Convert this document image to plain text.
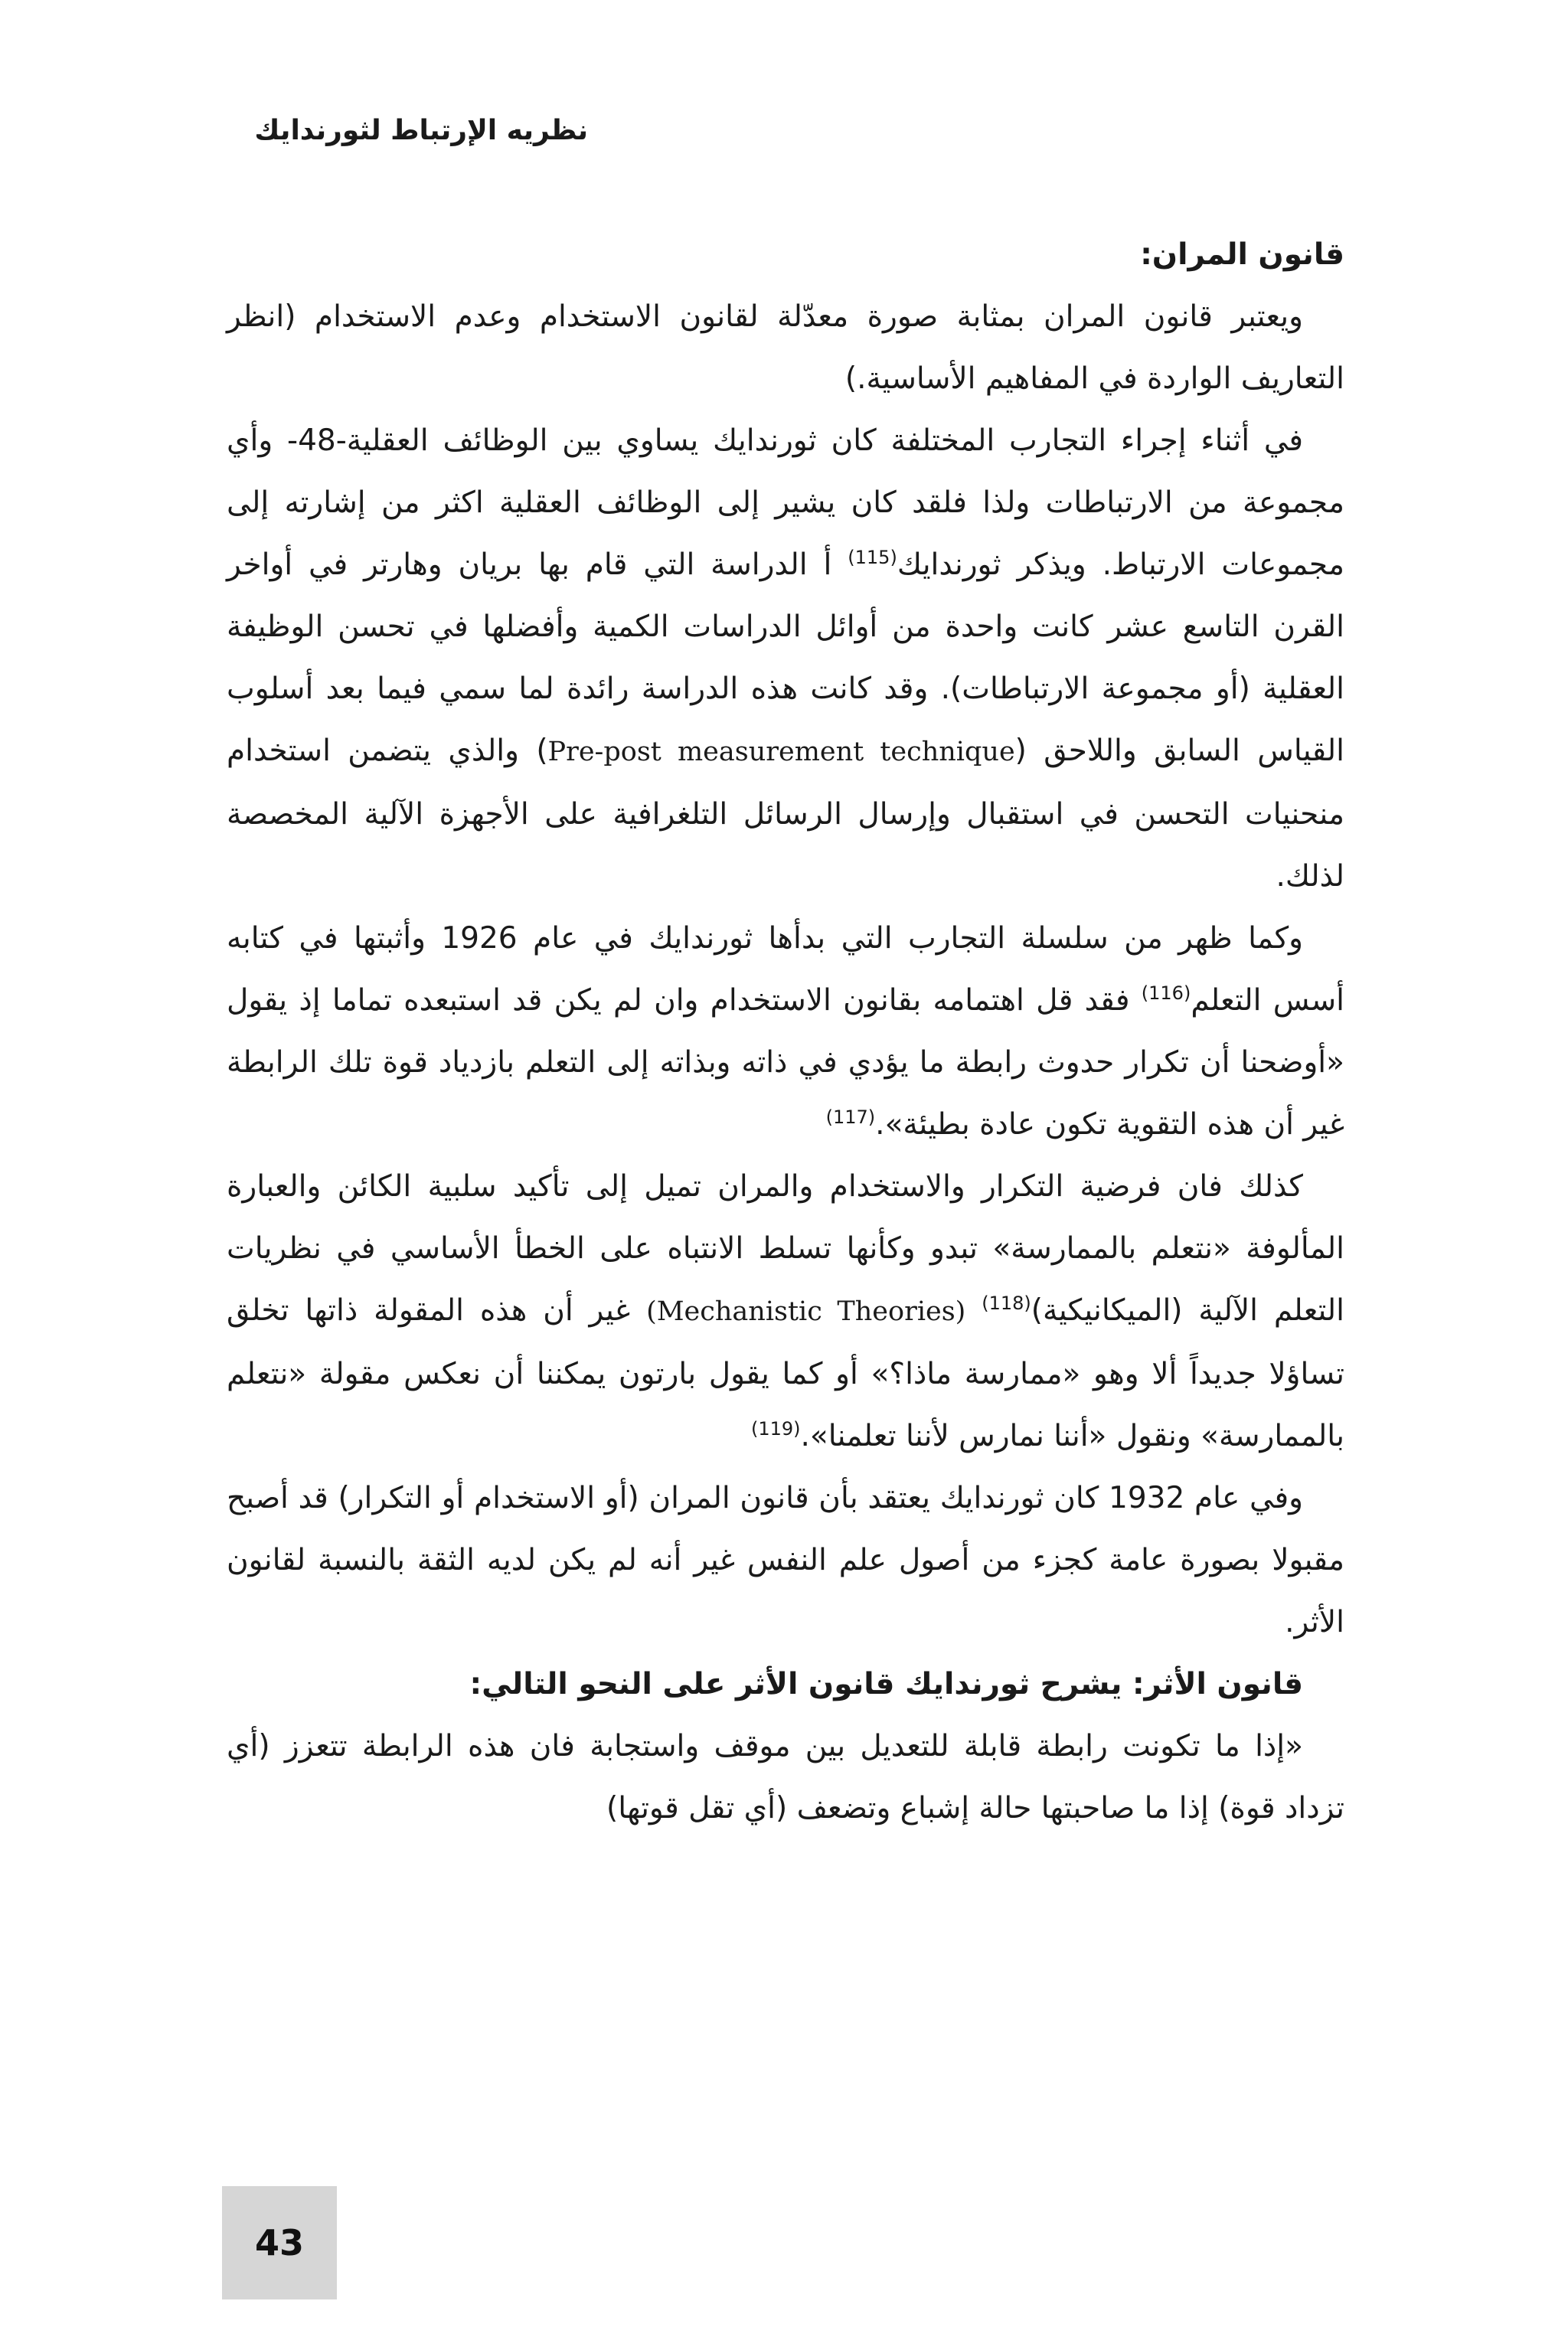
نظريه الإرتباط لثورندايك

قانون المران:

ويعتبر قانون المران بمثابة صورة معدّلة لقانون الاستخدام وعدم الاستخدام (انظر التعاريف الواردة في المفاهيم الأساسية.)

في أثناء إجراء التجارب المختلفة كان ثورندايك يساوي بين الوظائف العقلية-48- وأي مجموعة من الارتباطات ولذا فلقد كان يشير إلى الوظائف العقلية اكثر من إشارته إلى مجموعات الارتباط. ويذكر ثورندايك$^{(115)}$ أ الدراسة التي قام بها بريان وهارتر في أواخر القرن التاسع عشر كانت واحدة من أوائل الدراسات الكمية وأفضلها في تحسن الوظيفة العقلية (أو مجموعة الارتباطات). وقد كانت هذه الدراسة رائدة لما سمي فيما بعد أسلوب القياس السابق واللاحق (Pre-post measurement technique) والذي يتضمن استخدام منحنيات التحسن في استقبال وإرسال الرسائل التلغرافية على الأجهزة الآلية المخصصة لذلك.

وكما ظهر من سلسلة التجارب التي بدأها ثورندايك في عام 1926 وأثبتها في كتابه أسس التعلم$^{(116)}$ فقد قل اهتمامه بقانون الاستخدام وان لم يكن قد استبعده تماما إذ يقول «أوضحنا أن تكرار حدوث رابطة ما يؤدي في ذاته وبذاته إلى التعلم بازدياد قوة تلك الرابطة غير أن هذه التقوية تكون عادة بطيئة».$^{(117)}$

كذلك فان فرضية التكرار والاستخدام والمران تميل إلى تأكيد سلبية الكائن والعبارة المألوفة «نتعلم بالممارسة» تبدو وكأنها تسلط الانتباه على الخطأ الأساسي في نظريات التعلم الآلية (الميكانيكية)$^{(118)}$ (Mechanistic Theories) غير أن هذه المقولة ذاتها تخلق تساؤلا جديداً ألا وهو «ممارسة ماذا؟» أو كما يقول بارتون يمكننا أن نعكس مقولة «نتعلم بالممارسة» ونقول «أننا نمارس لأننا تعلمنا».$^{(119)}$

وفي عام 1932 كان ثورندايك يعتقد بأن قانون المران (أو الاستخدام أو التكرار) قد أصبح مقبولا بصورة عامة كجزء من أصول علم النفس غير أنه لم يكن لديه الثقة بالنسبة لقانون الأثر.

قانون الأثر: يشرح ثورندايك قانون الأثر على النحو التالي:

«إذا ما تكونت رابطة قابلة للتعديل بين موقف واستجابة فان هذه الرابطة تتعزز (أي تزداد قوة) إذا ما صاحبتها حالة إشباع وتضعف (أي تقل قوتها)

43
